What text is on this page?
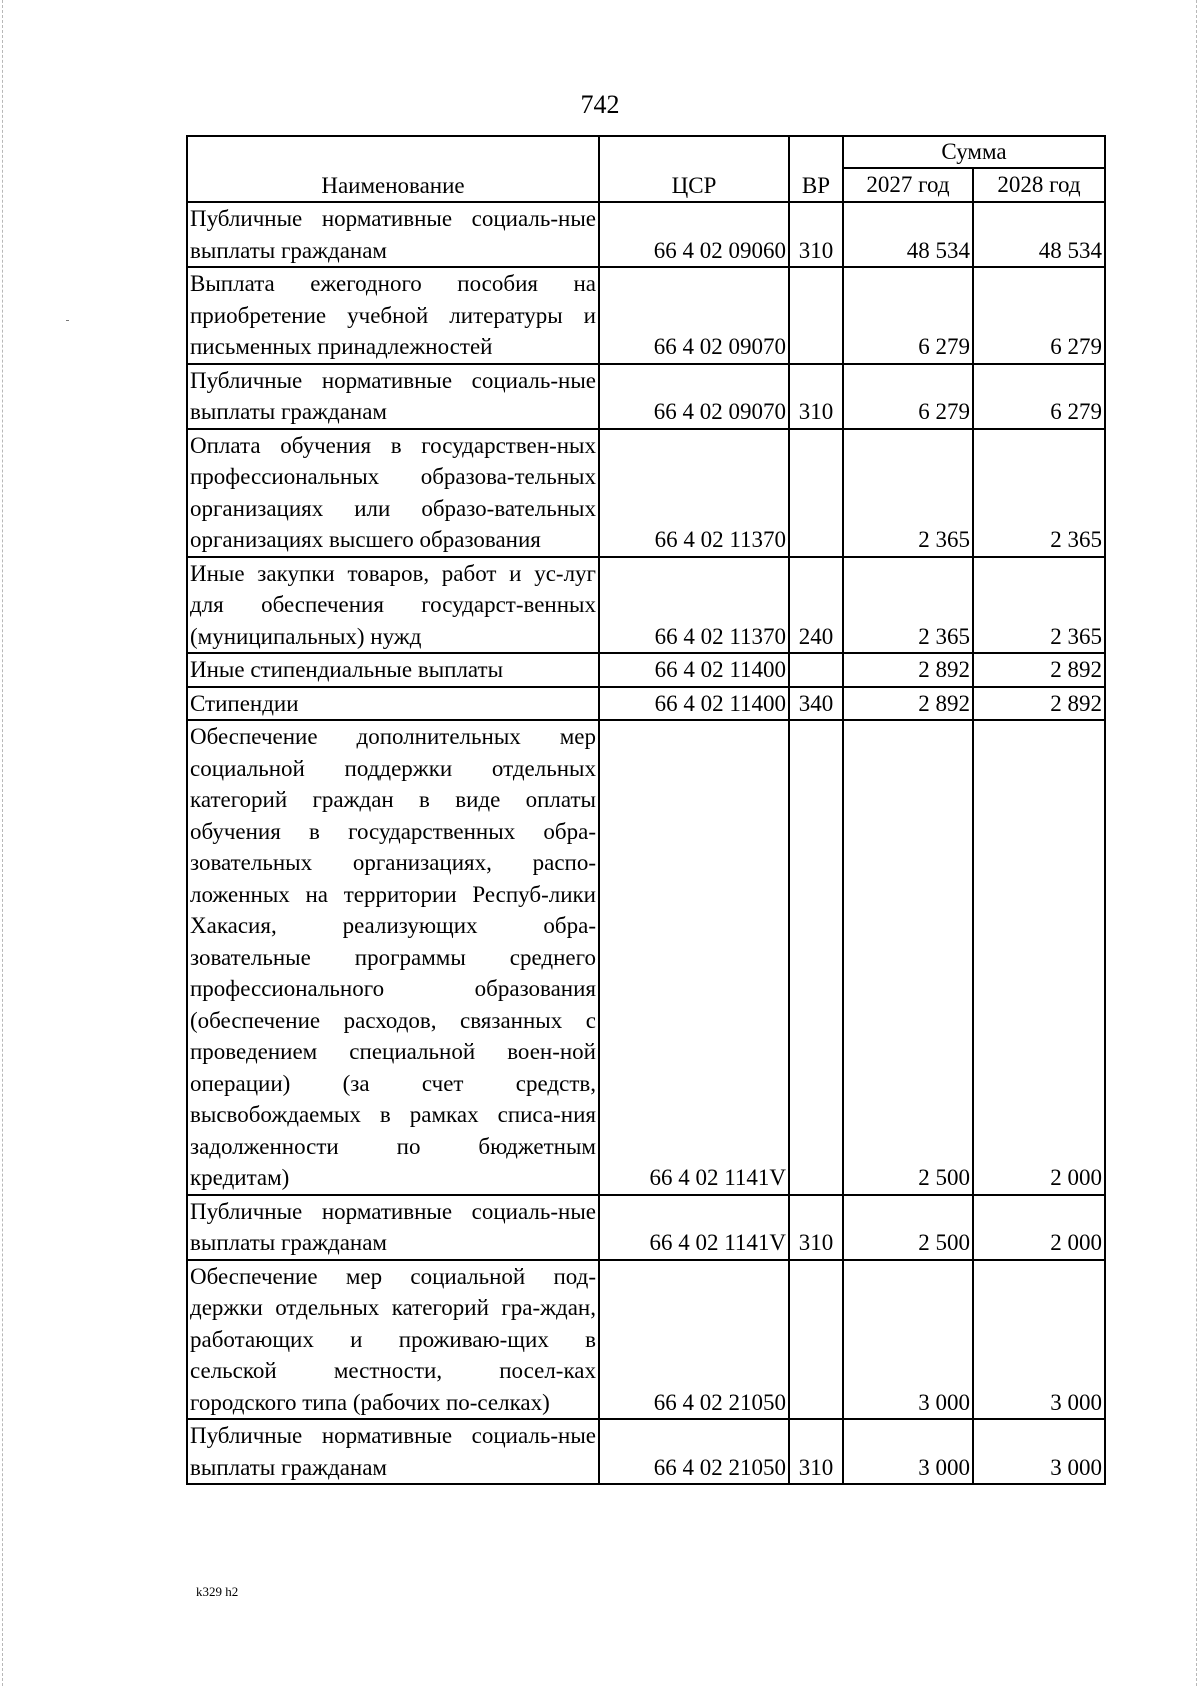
742
Наименование	ЦСР	ВР	Сумма	
			2027 год	2028 год
Публичные нормативные социаль-ные выплаты гражданам	66 4 02 09060	310	48 534	48 534
Выплата ежегодного пособия на приобретение учебной литературы и письменных принадлежностей	66 4 02 09070		6 279	6 279
Публичные нормативные социаль-ные выплаты гражданам	66 4 02 09070	310	6 279	6 279
Оплата обучения в государствен-ных профессиональных образова-тельных организациях или образо-вательных организациях высшего образования	66 4 02 11370		2 365	2 365
Иные закупки товаров, работ и ус-луг для обеспечения государст-венных (муниципальных) нужд	66 4 02 11370	240	2 365	2 365
Иные стипендиальные выплаты	66 4 02 11400		2 892	2 892
Стипендии	66 4 02 11400	340	2 892	2 892
Обеспечение дополнительных мер социальной поддержки отдельных категорий граждан в виде оплаты обучения в государственных обра-зовательных организациях, распо-ложенных на территории Респуб-лики Хакасия, реализующих обра-зовательные программы среднего профессионального образования (обеспечение расходов, связанных с проведением специальной воен-ной операции) (за счет средств, высвобождаемых в рамках списа-ния задолженности по бюджетным кредитам)	66 4 02 1141V		2 500	2 000
Публичные нормативные социаль-ные выплаты гражданам	66 4 02 1141V	310	2 500	2 000
Обеспечение мер социальной под-держки отдельных категорий гра-ждан, работающих и проживаю-щих в сельской местности, посел-ках городского типа (рабочих по-селках)	66 4 02 21050		3 000	3 000
Публичные нормативные социаль-ные выплаты гражданам	66 4 02 21050	310	3 000	3 000
k329 h2
